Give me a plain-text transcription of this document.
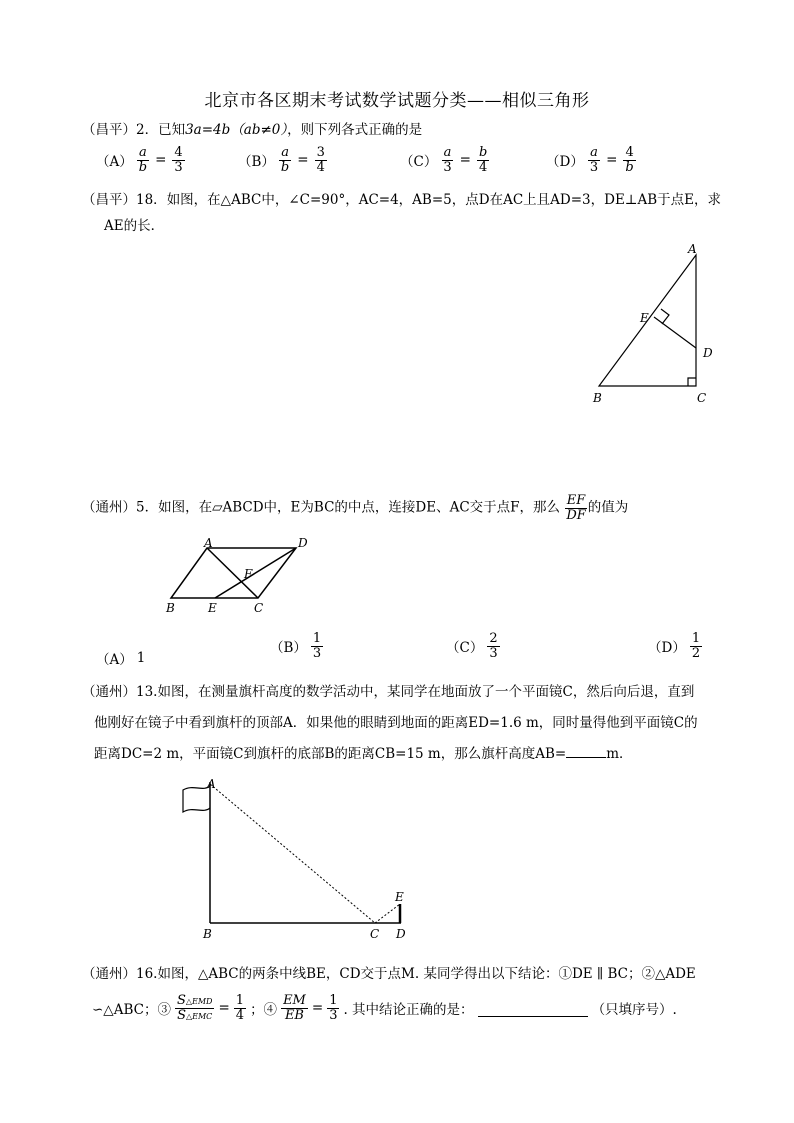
北京市各区期末考试数学试题分类——相似三角形
（昌平）2．已知3a=4b（ab≠0），则下列各式正确的是
$(A) \frac{a}{b} = \frac{4}{3}$	$(B) \frac{a}{b} = \frac{3}{4}$	$(C) \frac{a}{3} = \frac{b}{4}$	$(D) \frac{a}{3} = \frac{4}{b}$
（昌平）18．如图，在△ABC中，∠C=90°，AC=4，AB=5，点D在AC上且AD=3，DE⊥AB于点E，求
AE的长．
A
E
D
B	C
（通州）5．如图，在▱ABCD中，E为BC的中点，连接DE、AC交于点F，那么 $\frac{EF}{DF}$ 的值为
A	D
F
B	E	C
（A） 1
$(B) \frac{1}{3}$	$(C) \frac{2}{3}$	$(D) \frac{1}{2}$
（通州）13.如图，在测量旗杆高度的数学活动中，某同学在地面放了一个平面镜C，然后向后退，直到
他刚好在镜子中看到旗杆的顶部A．如果他的眼睛到地面的距离ED=1.6 m，同时量得他到平面镜C的
距离DC=2 m，平面镜C到旗杆的底部B的距离CB=15 m，那么旗杆高度AB=	m．
A
B	C D
E
（通州）16.如图，△ABC的两条中线BE，CD交于点M. 某同学得出以下结论：①DE ∥ BC；②△ADE
∽△ABC；③ $\frac{\text{S△EMD}}{\text{S△EMC}} = \frac{1}{4}$ ；④ $\frac{EM}{EB} = \frac{1}{3}$ . 其中结论正确的是：	（只填序号）.
